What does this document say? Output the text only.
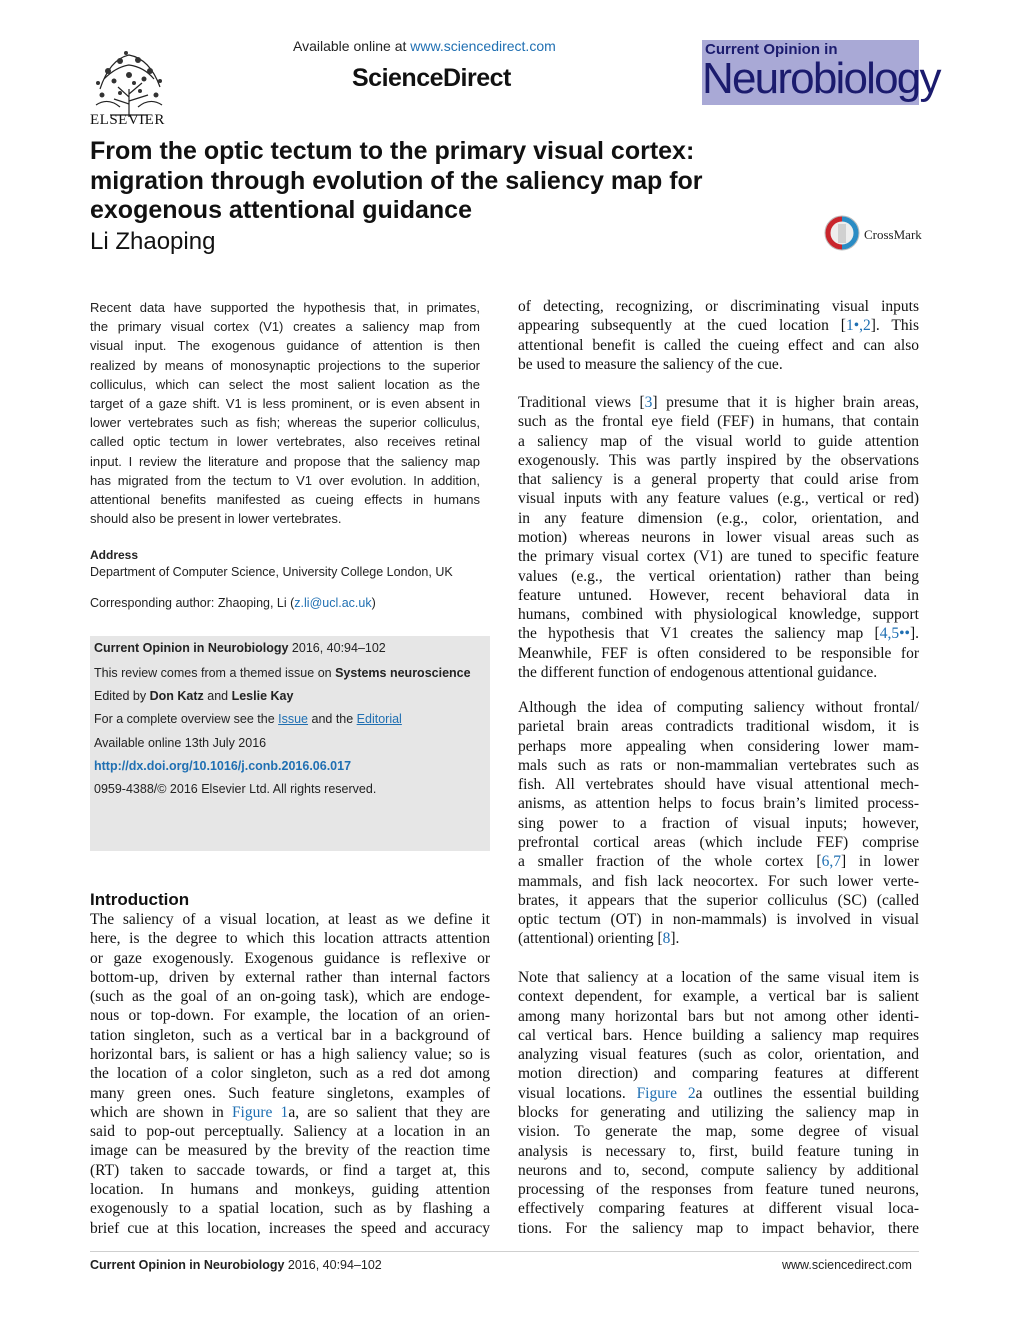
ELSEVIER
Available online at www.sciencedirect.com
ScienceDirect
Current Opinion in
Neurobiology
From the optic tectum to the primary visual cortex:
migration through evolution of the saliency map for
exogenous attentional guidance
Li Zhaoping	CrossMark
Recent data have supported the hypothesis that, in primates,
the primary visual cortex (V1) creates a saliency map from
visual input. The exogenous guidance of attention is then
realized by means of monosynaptic projections to the superior
colliculus, which can select the most salient location as the
target of a gaze shift. V1 is less prominent, or is even absent in
lower vertebrates such as fish; whereas the superior colliculus,
called optic tectum in lower vertebrates, also receives retinal
input. I review the literature and propose that the saliency map
has migrated from the tectum to V1 over evolution. In addition,
attentional benefits manifested as cueing effects in humans
should also be present in lower vertebrates.
Address
Department of Computer Science, University College London, UK
Corresponding author: Zhaoping, Li (z.li@ucl.ac.uk)
Current Opinion in Neurobiology 2016, 40:94–102
This review comes from a themed issue on Systems neuroscience
Edited by Don Katz and Leslie Kay
For a complete overview see the Issue and the Editorial
Available online 13th July 2016
http://dx.doi.org/10.1016/j.conb.2016.06.017
0959-4388/© 2016 Elsevier Ltd. All rights reserved.
Introduction
The saliency of a visual location, at least as we define it
here, is the degree to which this location attracts attention
or gaze exogenously. Exogenous guidance is reflexive or
bottom-up, driven by external rather than internal factors
(such as the goal of an on-going task), which are endoge-
nous or top-down. For example, the location of an orien-
tation singleton, such as a vertical bar in a background of
horizontal bars, is salient or has a high saliency value; so is
the location of a color singleton, such as a red dot among
many green ones. Such feature singletons, examples of
which are shown in Figure 1a, are so salient that they are
said to pop-out perceptually. Saliency at a location in an
image can be measured by the brevity of the reaction time
(RT) taken to saccade towards, or find a target at, this
location. In humans and monkeys, guiding attention
exogenously to a spatial location, such as by flashing a
brief cue at this location, increases the speed and accuracy
of detecting, recognizing, or discriminating visual inputs
appearing subsequently at the cued location [1•,2]. This
attentional benefit is called the cueing effect and can also
be used to measure the saliency of the cue.
Traditional views [3] presume that it is higher brain areas,
such as the frontal eye field (FEF) in humans, that contain
a saliency map of the visual world to guide attention
exogenously. This was partly inspired by the observations
that saliency is a general property that could arise from
visual inputs with any feature values (e.g., vertical or red)
in any feature dimension (e.g., color, orientation, and
motion) whereas neurons in lower visual areas such as
the primary visual cortex (V1) are tuned to specific feature
values (e.g., the vertical orientation) rather than being
feature untuned. However, recent behavioral data in
humans, combined with physiological knowledge, support
the hypothesis that V1 creates the saliency map [4,5••].
Meanwhile, FEF is often considered to be responsible for
the different function of endogenous attentional guidance.
Although the idea of computing saliency without frontal/
parietal brain areas contradicts traditional wisdom, it is
perhaps more appealing when considering lower mam-
mals such as rats or non-mammalian vertebrates such as
fish. All vertebrates should have visual attentional mech-
anisms, as attention helps to focus brain’s limited process-
sing power to a fraction of visual inputs; however,
prefrontal cortical areas (which include FEF) comprise
a smaller fraction of the whole cortex [6,7] in lower
mammals, and fish lack neocortex. For such lower verte-
brates, it appears that the superior colliculus (SC) (called
optic tectum (OT) in non-mammals) is involved in visual
(attentional) orienting [8].
Note that saliency at a location of the same visual item is
context dependent, for example, a vertical bar is salient
among many horizontal bars but not among other identi-
cal vertical bars. Hence building a saliency map requires
analyzing visual features (such as color, orientation, and
motion direction) and comparing features at different
visual locations. Figure 2a outlines the essential building
blocks for generating and utilizing the saliency map in
vision. To generate the map, some degree of visual
analysis is necessary to, first, build feature tuning in
neurons and to, second, compute saliency by additional
processing of the responses from feature tuned neurons,
effectively comparing features at different visual loca-
tions. For the saliency map to impact behavior, there
Current Opinion in Neurobiology 2016, 40:94–102	www.sciencedirect.com
